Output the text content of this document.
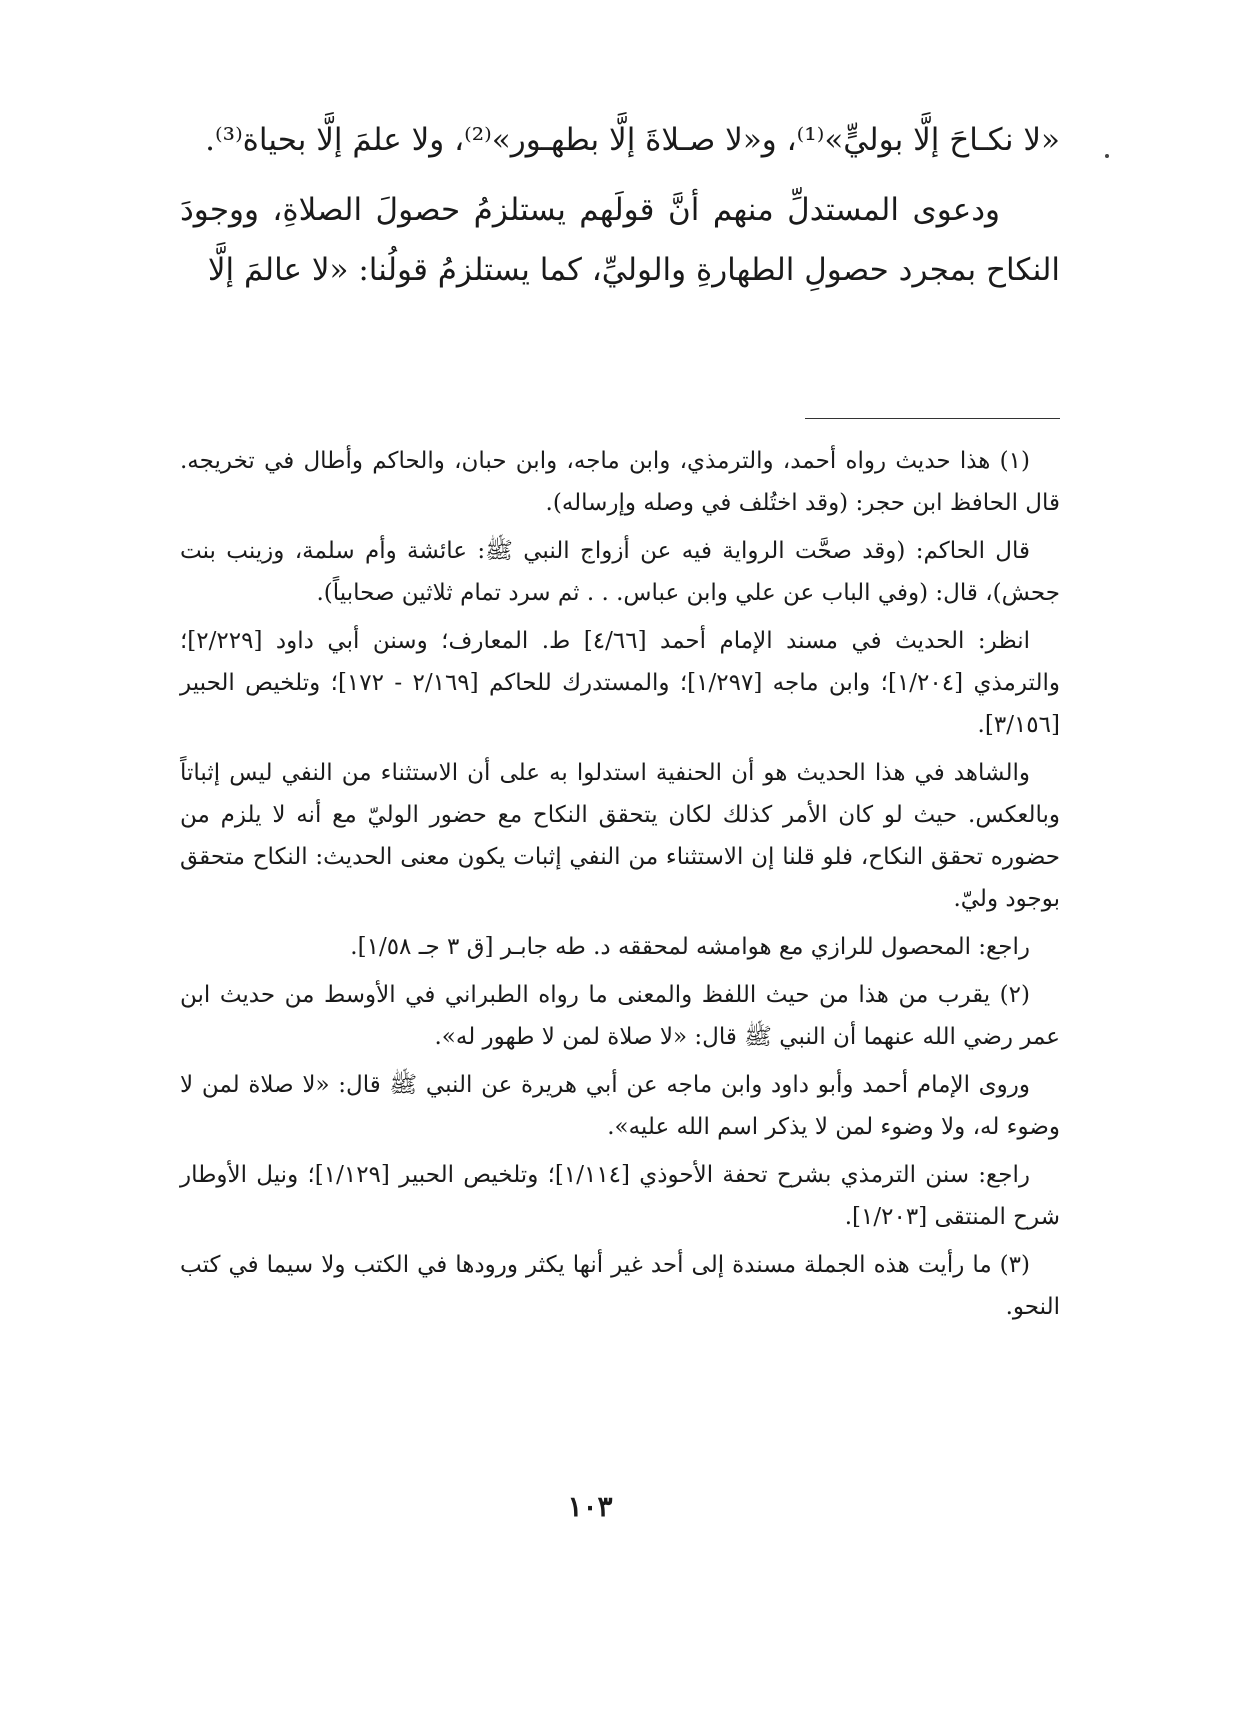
«لا نكـاحَ إلَّا بوليٍّ»⁽¹⁾، و«لا صـلاةَ إلَّا بطهـور»⁽²⁾، ولا علمَ إلَّا بحياة⁽³⁾.

ودعوى المستدلِّ منهم أنَّ قولَهم يستلزمُ حصولَ الصلاةِ، ووجودَ النكاح بمجرد حصولِ الطهارةِ والوليِّ، كما يستلزمُ قولُنا: «لا عالمَ إلَّا

(١) هذا حديث رواه أحمد، والترمذي، وابن ماجه، وابن حبان، والحاكم وأطال في تخريجه. قال الحافظ ابن حجر: (وقد اختُلف في وصله وإرساله).

قال الحاكم: (وقد صحَّت الرواية فيه عن أزواج النبي ﷺ: عائشة وأم سلمة، وزينب بنت جحش)، قال: (وفي الباب عن علي وابن عباس. . . ثم سرد تمام ثلاثين صحابياً).

انظر: الحديث في مسند الإمام أحمد [٤/٦٦] ط. المعارف؛ وسنن أبي داود [٢/٢٢٩]؛ والترمذي [١/٢٠٤]؛ وابن ماجه [١/٢٩٧]؛ والمستدرك للحاكم [٢/١٦٩ - ١٧٢]؛ وتلخيص الحبير [٣/١٥٦].

والشاهد في هذا الحديث هو أن الحنفية استدلوا به على أن الاستثناء من النفي ليس إثباتاً وبالعكس. حيث لو كان الأمر كذلك لكان يتحقق النكاح مع حضور الوليّ مع أنه لا يلزم من حضوره تحقق النكاح، فلو قلنا إن الاستثناء من النفي إثبات يكون معنى الحديث: النكاح متحقق بوجود وليّ.

راجع: المحصول للرازي مع هوامشه لمحققه د. طه جابـر [ق ٣ جـ ١/٥٨].

(٢) يقرب من هذا من حيث اللفظ والمعنى ما رواه الطبراني في الأوسط من حديث ابن عمر رضي الله عنهما أن النبي ﷺ قال: «لا صلاة لمن لا طهور له».

وروى الإمام أحمد وأبو داود وابن ماجه عن أبي هريرة عن النبي ﷺ قال: «لا صلاة لمن لا وضوء له، ولا وضوء لمن لا يذكر اسم الله عليه».

راجع: سنن الترمذي بشرح تحفة الأحوذي [١/١١٤]؛ وتلخيص الحبير [١/١٢٩]؛ ونيل الأوطار شرح المنتقى [١/٢٠٣].

(٣) ما رأيت هذه الجملة مسندة إلى أحد غير أنها يكثر ورودها في الكتب ولا سيما في كتب النحو.

١٠٣
